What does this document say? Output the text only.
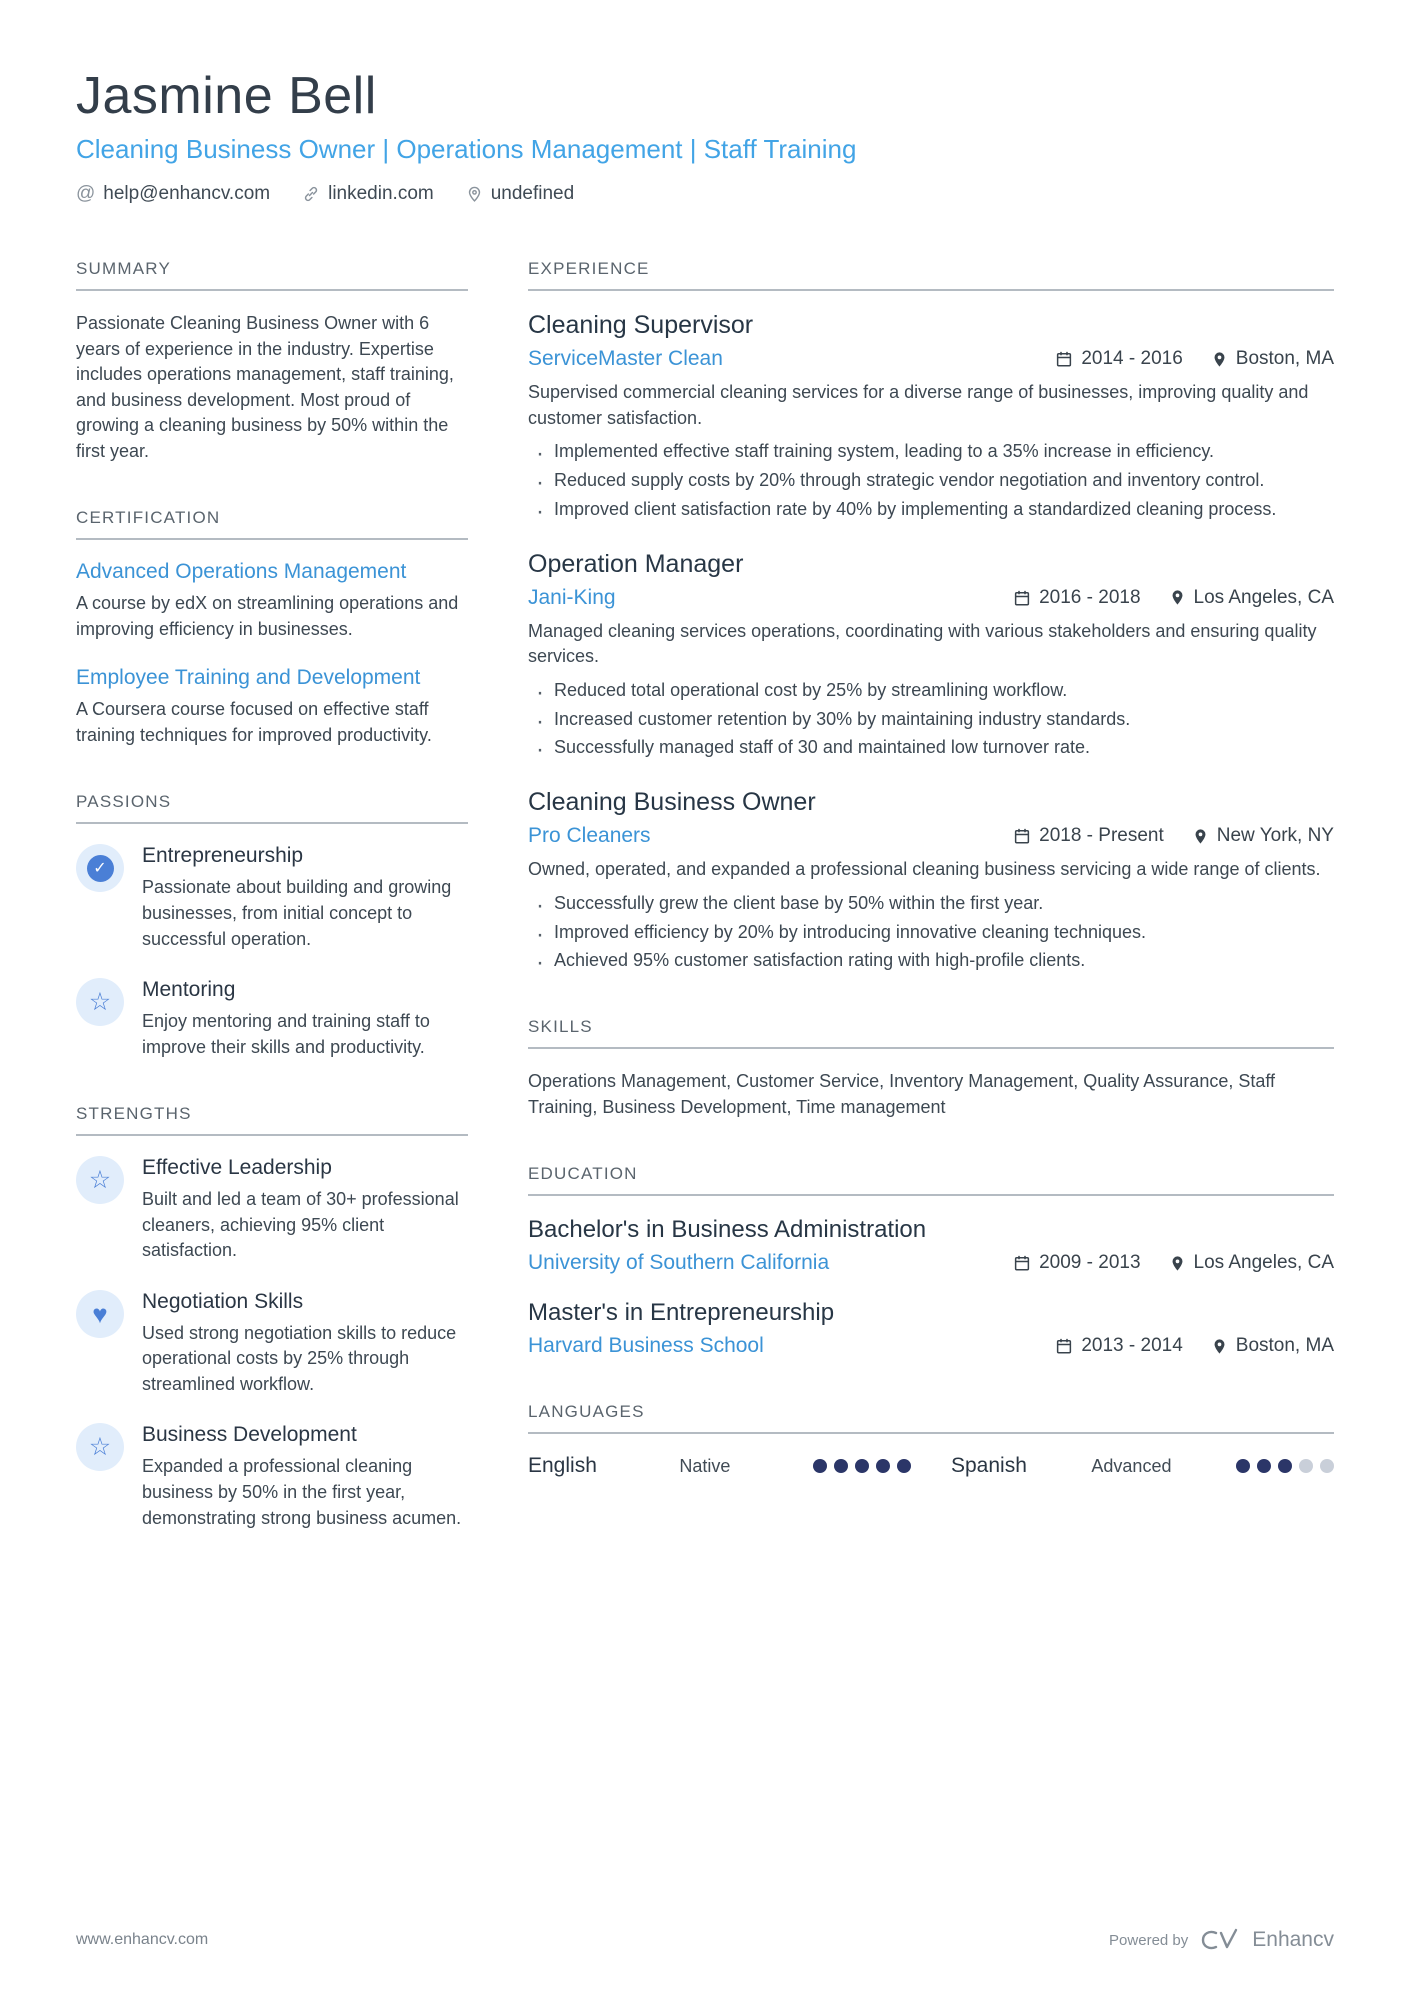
Jasmine Bell
Cleaning Business Owner | Operations Management | Staff Training
@ help@enhancv.com	linkedin.com	undefined
SUMMARY

Passionate Cleaning Business Owner with 6 years of experience in the industry. Expertise includes operations management, staff training, and business development. Most proud of growing a cleaning business by 50% within the first year.

CERTIFICATION
Advanced Operations Management

A course by edX on streamlining operations and improving efficiency in businesses.

Employee Training and Development

A Coursera course focused on effective staff training techniques for improved productivity.

PASSIONS
✓
Entrepreneurship

Passionate about building and growing businesses, from initial concept to successful operation.

☆ Mentoring

Enjoy mentoring and training staff to improve their skills and productivity.

STRENGTHS
☆ Effective Leadership

Built and led a team of 30+ professional cleaners, achieving 95% client satisfaction.

♥ Negotiation Skills

Used strong negotiation skills to reduce operational costs by 25% through streamlined workflow.

☆ Business Development

Expanded a professional cleaning business by 50% in the first year, demonstrating strong business acumen.

EXPERIENCE
Cleaning Supervisor
ServiceMaster Clean	2014 - 2016	Boston, MA

Supervised commercial cleaning services for a diverse range of businesses, improving quality and customer satisfaction.

· Implemented effective staff training system, leading to a 35% increase in efficiency.
· Reduced supply costs by 20% through strategic vendor negotiation and inventory control.
· Improved client satisfaction rate by 40% by implementing a standardized cleaning process.
Operation Manager
Jani-King	2016 - 2018	Los Angeles, CA

Managed cleaning services operations, coordinating with various stakeholders and ensuring quality services.

· Reduced total operational cost by 25% by streamlining workflow.
· Increased customer retention by 30% by maintaining industry standards.
· Successfully managed staff of 30 and maintained low turnover rate.
Cleaning Business Owner
Pro Cleaners	2018 - Present	New York, NY

Owned, operated, and expanded a professional cleaning business servicing a wide range of clients.

· Successfully grew the client base by 50% within the first year.
· Improved efficiency by 20% by introducing innovative cleaning techniques.
· Achieved 95% customer satisfaction rating with high-profile clients.
SKILLS

Operations Management, Customer Service, Inventory Management, Quality Assurance, Staff Training, Business Development, Time management

EDUCATION
Bachelor's in Business Administration
University of Southern California	2009 - 2013	Los Angeles, CA
Master's in Entrepreneurship
Harvard Business School	2013 - 2014	Boston, MA
LANGUAGES
English	Native	Spanish	Advanced
www.enhancv.com	Powered by	Enhancv
